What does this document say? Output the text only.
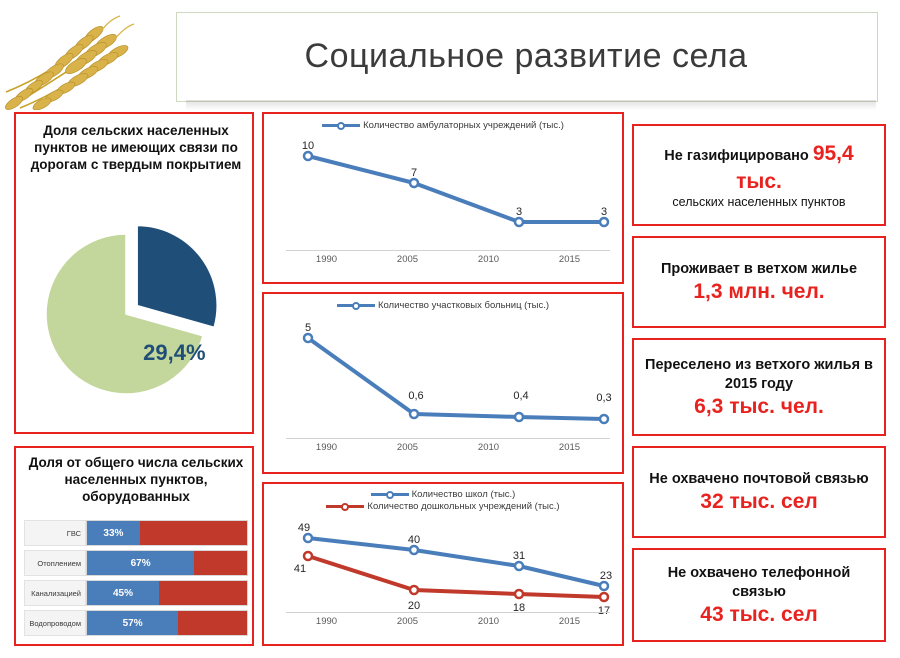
Социальное развитие села
Доля сельских населенных пунктов не имеющих связи по дорогам с твердым покрытием
29,4%
Доля от общего числа сельских населенных пунктов, оборудованных
ГВС	33%
Отоплением	67%
Канализацией	45%
Водопроводом	57%
Количество амбулаторных учреждений (тыс.)
10
7
3	3
1990	2005	2010	2015
Количество участковых больниц (тыс.)
5
0,6	0,4	0,3
1990	2005	2010	2015
Количество школ (тыс.)
Количество дошкольных учреждений (тыс.)
49
40
31
23
41
20	18	17
1990	2005	2010	2015
Не газифицировано 95,4
тыс.
сельских населенных пунктов
Проживает в ветхом жилье
1,3 млн. чел.
Переселено из ветхого жилья в 2015 году
6,3 тыс. чел.
Не охвачено почтовой связью
32 тыс. сел
Не охвачено телефонной связью
43 тыс. сел
